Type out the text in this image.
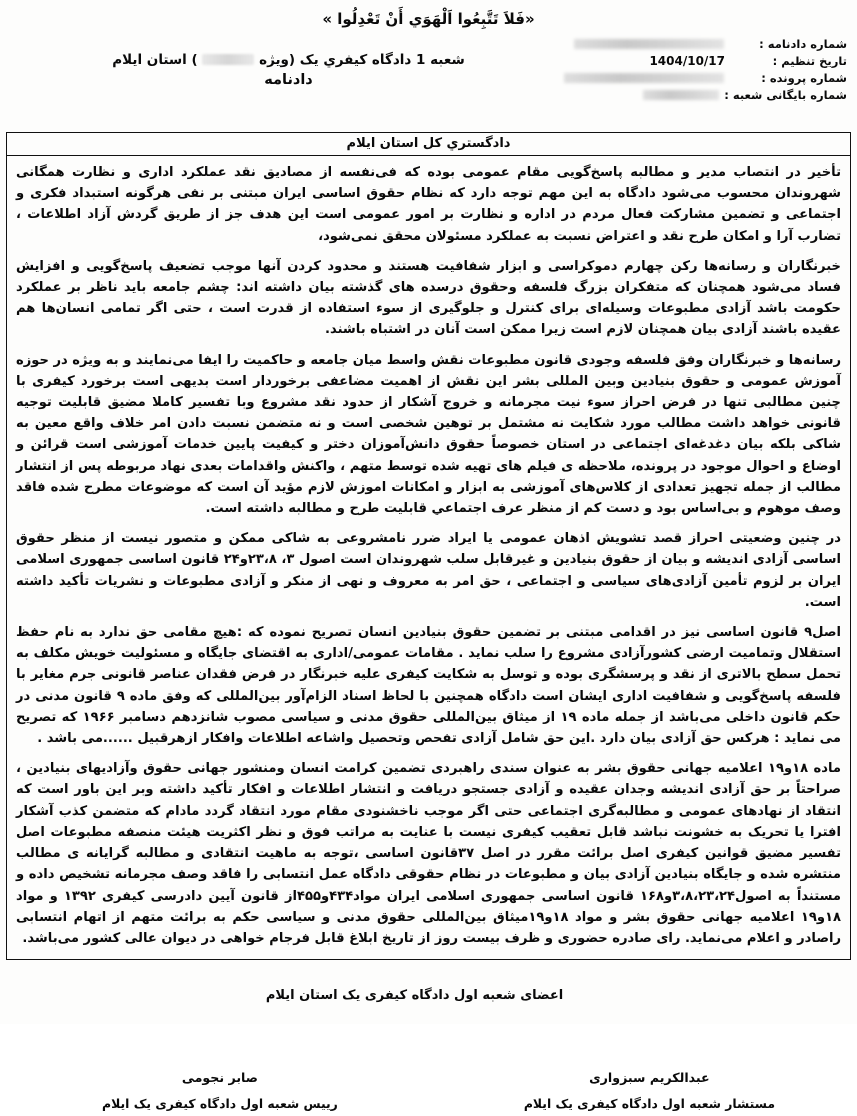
«فَلاَ تَتَّبِعُوا اَلْهَوَي أَنْ تَعْدِلُوا »
شماره دادنامه :
تاریخ تنظیم :
1404/10/17
شماره پرونده :
شماره بایگانی شعبه :
شعبه 1 دادگاه کیفري یک (ویژه  ) استان ایلام
دادنامه
دادگستري کل استان ایلام

تأخیر در انتصاب مدیر و مطالبه پاسخ‌گویی مقام عمومی بوده که فی‌نفسه از مصادیق نقد عملکرد اداری و نظارت همگانی شهروندان محسوب می‌شود دادگاه به این مهم توجه دارد که نظام حقوق اساسی ایران مبتنی بر نفی هرگونه استبداد فکری و اجتماعی و تضمین مشارکت فعال مردم در اداره و نظارت بر امور عمومی است این هدف جز از طریق گردش آزاد اطلاعات ، تضارب آرا و امکان طرح نقد و اعتراض نسبت به عملکرد مسئولان محقق نمی‌شود،

خبرنگاران و رسانه‌ها رکن چهارم دموکراسی و ابزار شفافیت هستند و محدود کردن آنها موجب تضعیف پاسخ‌گویی و افزایش فساد می‌شود همچنان که متفکران بزرگ فلسفه وحقوق درسده های گذشته بیان داشته اند: چشم جامعه باید ناظر بر عملکرد حکومت باشد آزادی مطبوعات وسیله‌ای برای کنترل و جلوگیری از سوء استفاده از قدرت است ، حتی اگر تمامی انسان‌ها هم عقیده باشند آزادی بیان همچنان لازم است زیرا ممکن است آنان در اشتباه باشند.

رسانه‌ها و خبرنگاران وفق فلسفه وجودی قانون مطبوعات نقش واسط میان جامعه و حاکمیت را ایفا می‌نمایند و به ویژه در حوزه آموزش عمومی و حقوق بنیادین وبین المللی بشر این نقش از اهمیت مضاعفی برخوردار است بدیهی است برخورد کیفری با چنین مطالبی تنها در فرض احراز سوء نیت مجرمانه و خروج آشکار از حدود نقد مشروع وبا تفسیر کاملا مضیق قابلیت توجیه قانونی خواهد داشت مطالب مورد شکایت نه مشتمل بر توهین شخصی است و نه متضمن نسبت دادن امر خلاف واقع معین به شاکی بلکه بیان دغدغه‌ای اجتماعی در استان خصوصاً حقوق دانش‌آموزان دختر و کیفیت پایین خدمات آموزشی است قرائن و اوضاع و احوال موجود در پرونده، ملاحظه ی فیلم های تهیه شده توسط متهم ، واکنش واقدامات بعدی نهاد مربوطه پس از انتشار مطالب از جمله تجهیز تعدادی از کلاس‌های آموزشی به ابزار و امکانات اموزش لازم مؤید آن است که موضوعات مطرح شده فاقد وصف موهوم و بی‌اساس بود و دست کم از منظر عرف اجتماعي قابلیت طرح و مطالبه داشته است.

در چنین وضعیتی احراز قصد تشویش اذهان عمومی یا ایراد ضرر نامشروعی به شاکی ممکن و متصور نیست از منظر حقوق اساسی آزادی اندیشه و بیان از حقوق بنیادین و غیرقابل سلب شهروندان است اصول ۳، ۲۳،۸و۲۴ قانون اساسی جمهوری اسلامی ایران بر لزوم تأمین آزادی‌های سیاسی و اجتماعی ، حق امر به معروف و نهی از منکر و آزادی مطبوعات و نشریات تأکید داشته است.

اصل۹ قانون اساسی نیز در اقدامی مبتنی بر تضمین حقوق بنیادین انسان تصریح نموده که :هیچ مقامی حق ندارد به نام حفظ استقلال وتمامیت ارضی کشورآزادی مشروع را سلب نماید . مقامات عمومی/اداری به اقتضای جایگاه و مسئولیت خویش مکلف به تحمل سطح بالاتری از نقد و پرسشگری بوده و توسل به شکایت کیفری علیه خبرنگار در فرض فقدان عناصر قانونی جرم مغایر با فلسفه پاسخ‌گویی و شفافیت اداری ایشان است دادگاه همچنین با لحاظ اسناد الزام‌آور بین‌المللی که وفق ماده ۹ قانون مدنی در حکم قانون داخلی می‌باشد از جمله ماده ۱۹ از میثاق بین‌المللی حقوق مدنی و سیاسی مصوب شانزدهم دسامبر ۱۹۶۶ که تصریح می نماید : هرکس حق آزادی بیان دارد .این حق شامل آزادی تفحص وتحصیل واشاعه اطلاعات وافکار ازهرقبیل ......می باشد .

ماده ۱۸و۱۹ اعلامیه جهانی حقوق بشر به عنوان سندی راهبردی تضمین کرامت انسان ومنشور جهانی حقوق وآزادیهای بنیادین ، صراحتاً بر حق آزادی اندیشه وجدان عقیده و آزادی جستجو دریافت و انتشار اطلاعات و افکار تأکید داشته وبر این باور است که انتقاد از نهادهای عمومی و مطالبه‌گری اجتماعی حتی اگر موجب ناخشنودی مقام مورد انتقاد گردد مادام که متضمن کذب آشکار افترا یا تحریک به خشونت نباشد قابل تعقیب کیفری نیست با عنایت به مراتب فوق و نظر اکثریت هیئت منصفه مطبوعات اصل تفسیر مضیق قوانین کیفری اصل برائت مقرر در اصل ۳۷قانون اساسی ،توجه به ماهیت انتقادی و مطالبه گرایانه ی مطالب منتشره شده و جایگاه بنیادین آزادی بیان و مطبوعات در نظام حقوقی دادگاه عمل انتسابی را فاقد وصف مجرمانه تشخیص داده و مستنداً به اصول۳،۸،۲۳،۲۴و۱۶۸ قانون اساسی جمهوری اسلامی ایران مواد۴۳۴و۴۵۵از قانون آیین دادرسی کیفری ۱۳۹۲ و مواد ۱۸و۱۹ اعلامیه جهانی حقوق بشر و مواد ۱۸و۱۹میثاق بین‌المللی حقوق مدنی و سیاسی حکم به برائت متهم از اتهام انتسابی راصادر و اعلام می‌نماید. رای صادره حضوری و ظرف بیست روز از تاریخ ابلاغ قابل فرجام خواهی در دیوان عالی کشور می‌باشد.

اعضای شعبه اول دادگاه کیفری یک استان ایلام
عبدالکریم سبزواری
مستشار شعبه اول دادگاه کیفری یک ایلام
صابر نجومی
رییس شعبه اول دادگاه کیفری یک ایلام
